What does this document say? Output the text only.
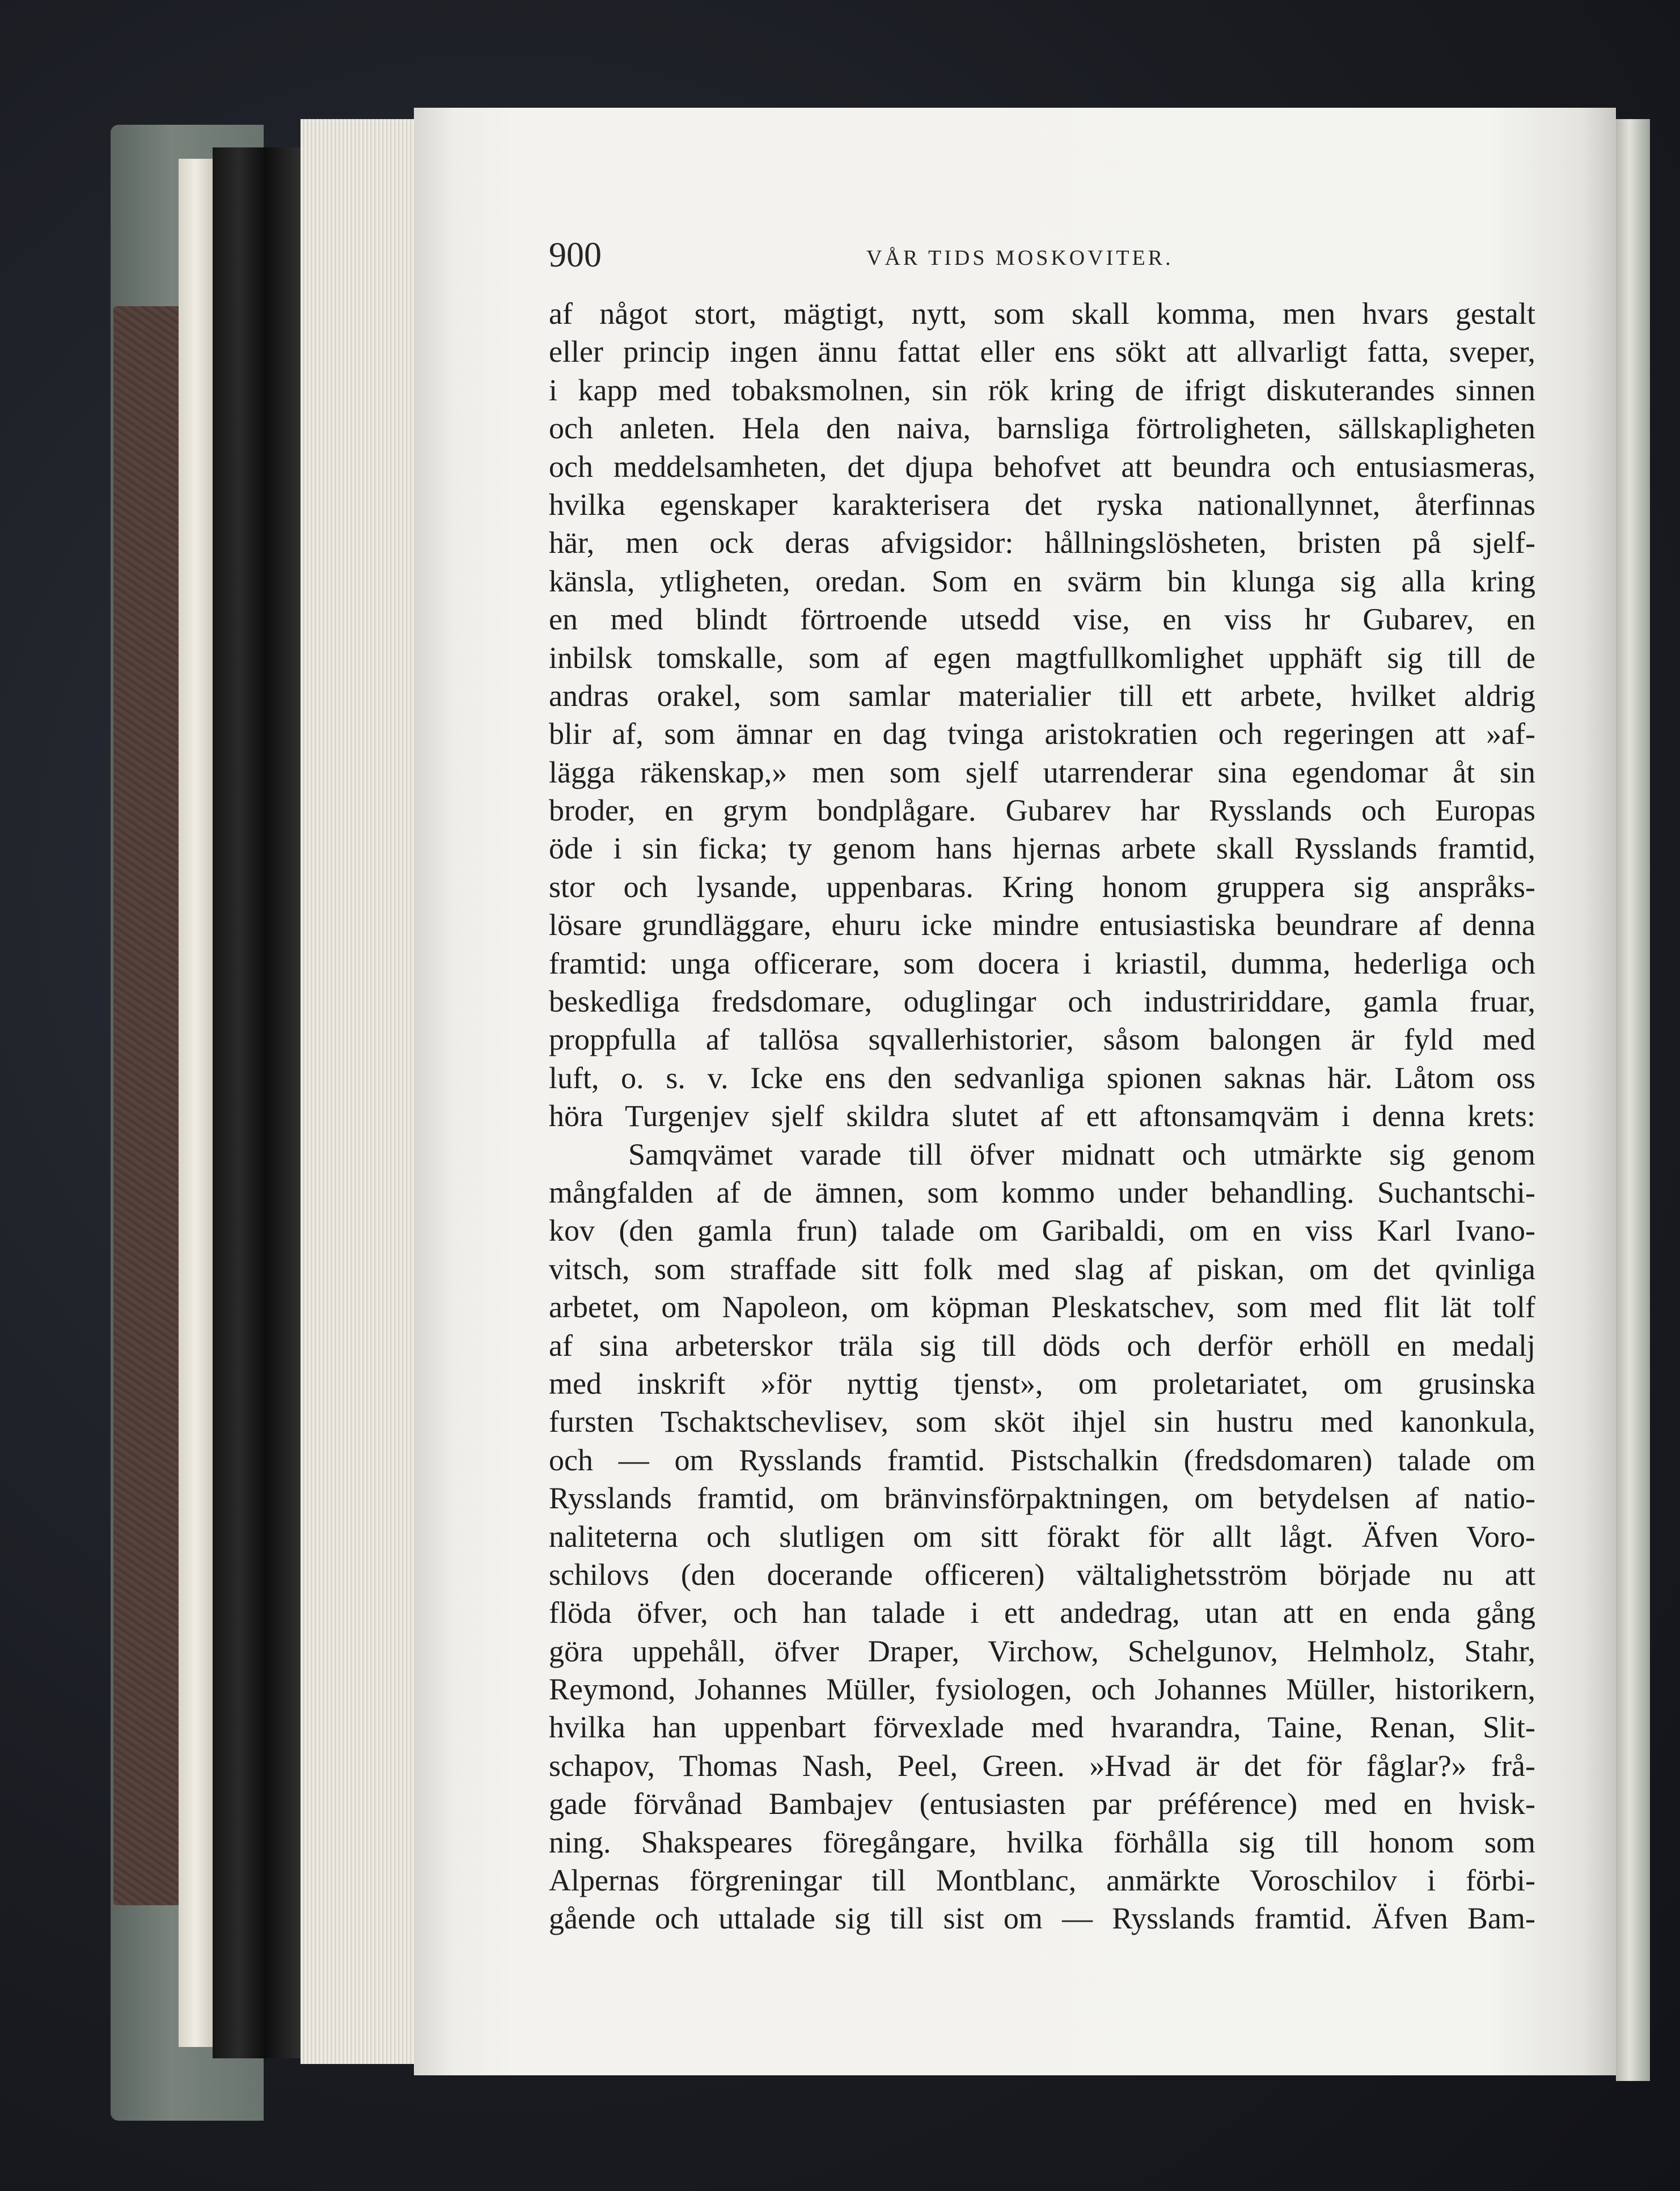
900	VÅR TIDS MOSKOVITER.
af något stort, mägtigt, nytt, som skall komma, men hvars gestalt
eller princip ingen ännu fattat eller ens sökt att allvarligt fatta, sveper,
i kapp med tobaksmolnen, sin rök kring de ifrigt diskuterandes sinnen
och anleten. Hela den naiva, barnsliga förtroligheten, sällskapligheten
och meddelsamheten, det djupa behofvet att beundra och entusiasmeras,
hvilka egenskaper karakterisera det ryska nationallynnet, återfinnas
här, men ock deras afvigsidor: hållningslösheten, bristen på sjelf-
känsla, ytligheten, oredan. Som en svärm bin klunga sig alla kring
en med blindt förtroende utsedd vise, en viss hr Gubarev, en
inbilsk tomskalle, som af egen magtfullkomlighet upphäft sig till de
andras orakel, som samlar materialier till ett arbete, hvilket aldrig
blir af, som ämnar en dag tvinga aristokratien och regeringen att »af-
lägga räkenskap,» men som sjelf utarrenderar sina egendomar åt sin
broder, en grym bondplågare. Gubarev har Rysslands och Europas
öde i sin ficka; ty genom hans hjernas arbete skall Rysslands framtid,
stor och lysande, uppenbaras. Kring honom gruppera sig anspråks-
lösare grundläggare, ehuru icke mindre entusiastiska beundrare af denna
framtid: unga officerare, som docera i kriastil, dumma, hederliga och
beskedliga fredsdomare, oduglingar och industririddare, gamla fruar,
proppfulla af tallösa sqvallerhistorier, såsom balongen är fyld med
luft, o. s. v. Icke ens den sedvanliga spionen saknas här. Låtom oss
höra Turgenjev sjelf skildra slutet af ett aftonsamqväm i denna krets:
Samqvämet varade till öfver midnatt och utmärkte sig genom
mångfalden af de ämnen, som kommo under behandling. Suchantschi-
kov (den gamla frun) talade om Garibaldi, om en viss Karl Ivano-
vitsch, som straffade sitt folk med slag af piskan, om det qvinliga
arbetet, om Napoleon, om köpman Pleskatschev, som med flit lät tolf
af sina arbeterskor träla sig till döds och derför erhöll en medalj
med inskrift »för nyttig tjenst», om proletariatet, om grusinska
fursten Tschaktschevlisev, som sköt ihjel sin hustru med kanonkula,
och — om Rysslands framtid. Pistschalkin (fredsdomaren) talade om
Rysslands framtid, om bränvinsförpaktningen, om betydelsen af natio-
naliteterna och slutligen om sitt förakt för allt lågt. Äfven Voro-
schilovs (den docerande officeren) vältalighetsström började nu att
flöda öfver, och han talade i ett andedrag, utan att en enda gång
göra uppehåll, öfver Draper, Virchow, Schelgunov, Helmholz, Stahr,
Reymond, Johannes Müller, fysiologen, och Johannes Müller, historikern,
hvilka han uppenbart förvexlade med hvarandra, Taine, Renan, Slit-
schapov, Thomas Nash, Peel, Green. »Hvad är det för fåglar?» frå-
gade förvånad Bambajev (entusiasten par préférence) med en hvisk-
ning. Shakspeares föregångare, hvilka förhålla sig till honom som
Alpernas förgreningar till Montblanc, anmärkte Voroschilov i förbi-
gående och uttalade sig till sist om — Rysslands framtid. Äfven Bam-
